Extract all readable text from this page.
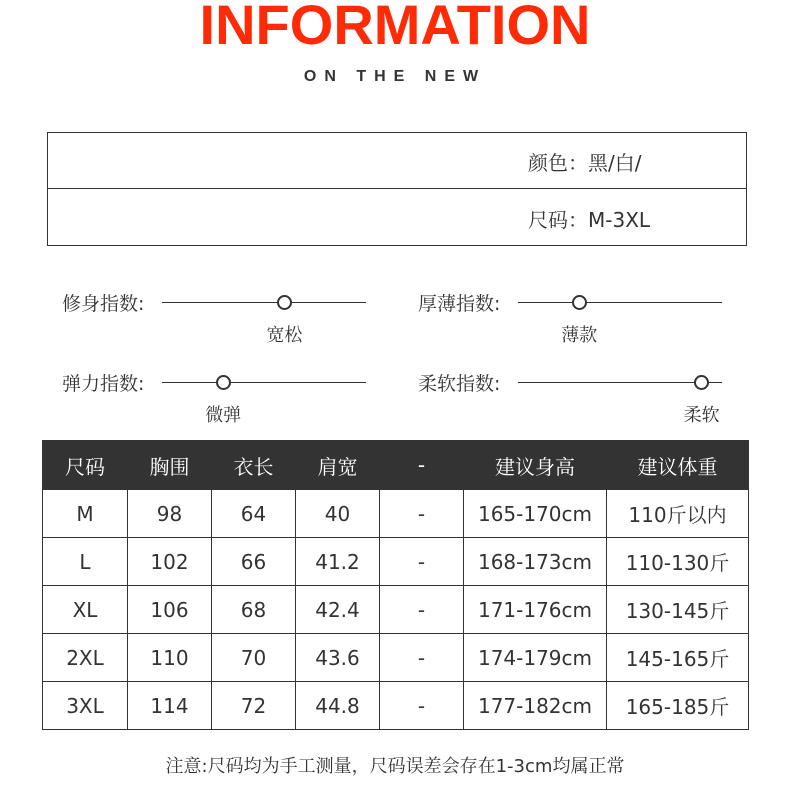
INFORMATION
ON THE NEW
颜色：黑/白/
尺码：M-3XL
修身指数:
宽松
厚薄指数:
薄款
弹力指数:
微弹
柔软指数:
柔软
尺码	胸围	衣长	肩宽	-	建议身高	建议体重
M	98	64	40	-	165-170cm	110斤以内
L	102	66	41.2	-	168-173cm	110-130斤
XL	106	68	42.4	-	171-176cm	130-145斤
2XL	110	70	43.6	-	174-179cm	145-165斤
3XL	114	72	44.8	-	177-182cm	165-185斤
注意:尺码均为手工测量，尺码误差会存在1-3cm均属正常
